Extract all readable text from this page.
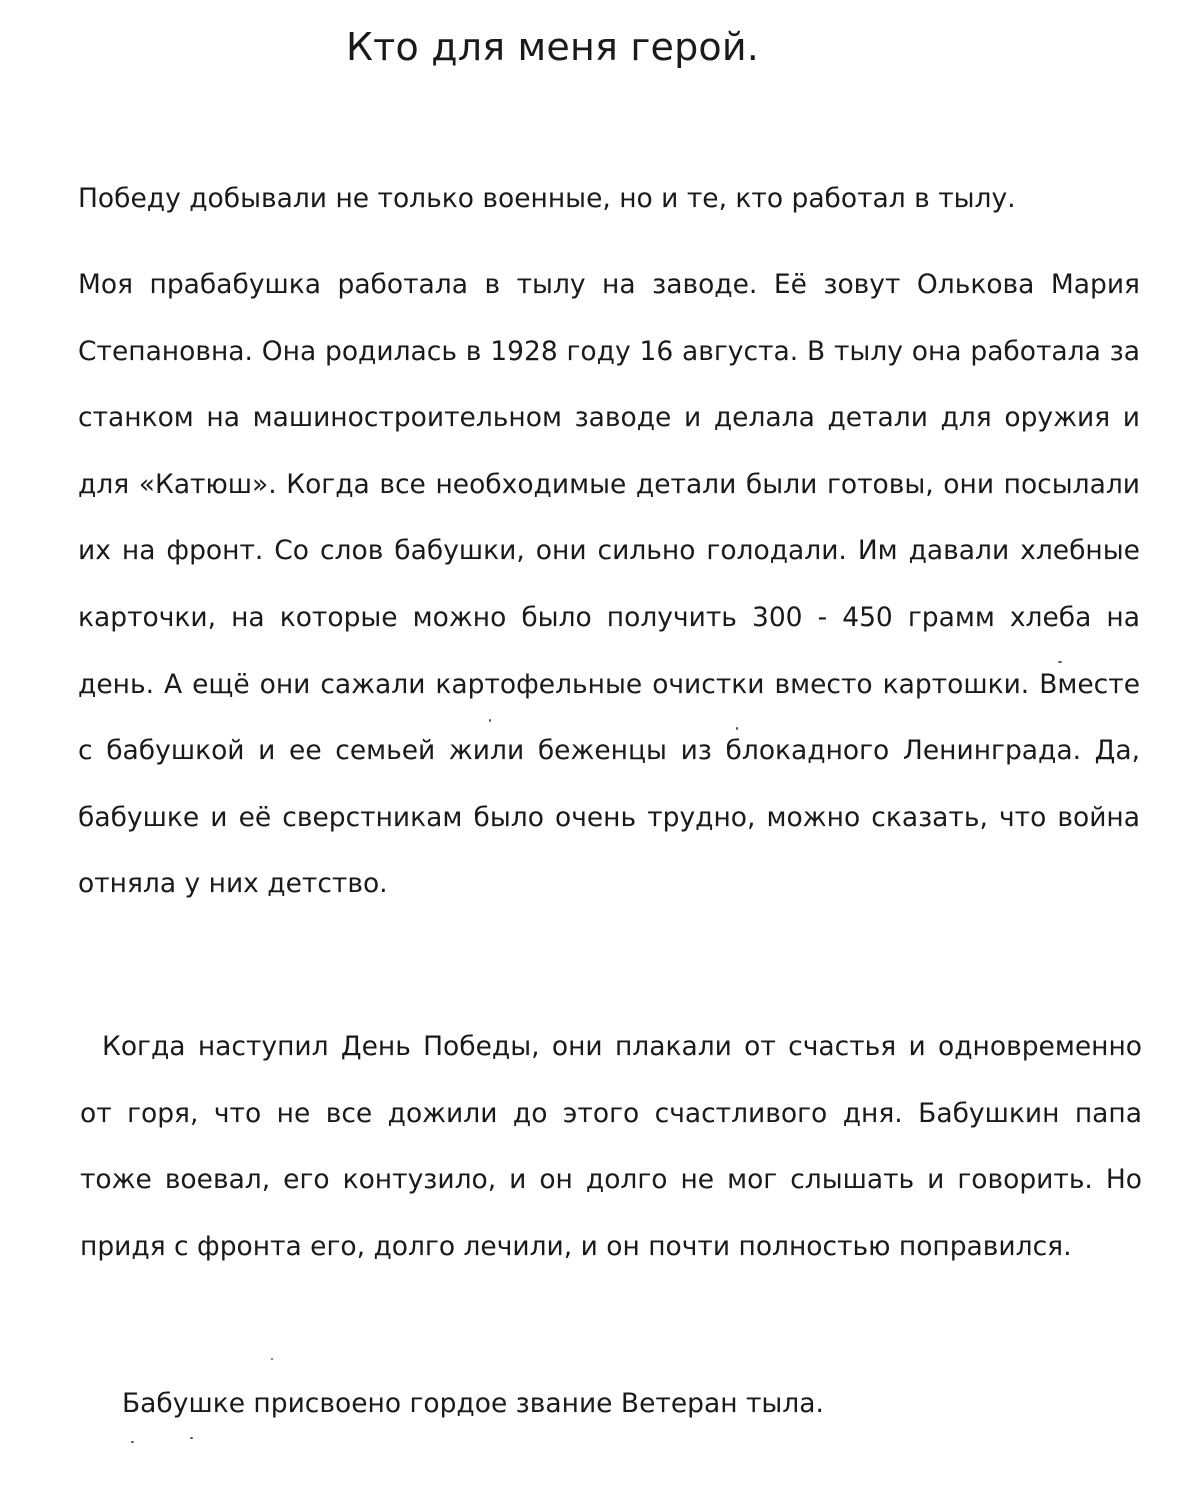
Кто для меня герой.

Победу добывали не только военные, но и те, кто работал в тылу.

Моя прабабушка работала в тылу на заводе. Её зовут Олькова Мария Степановна. Она родилась в 1928 году 16 августа. В тылу она работала за станком на машиностроительном заводе и делала детали для оружия и для «Катюш». Когда все необходимые детали были готовы, они посылали их на фронт. Со слов бабушки, они сильно голодали. Им давали хлебные карточки, на которые можно было получить 300 - 450 грамм хлеба на день. А ещё они сажали картофельные очистки вместо картошки. Вместе с бабушкой и ее семьей жили беженцы из блокадного Ленинграда. Да, бабушке и её сверстникам было очень трудно, можно сказать, что война отняла у них детство.

Когда наступил День Победы, они плакали от счастья и одновременно от горя, что не все дожили до этого счастливого дня. Бабушкин папа тоже воевал, его контузило, и он долго не мог слышать и говорить. Но придя с фронта его, долго лечили, и он почти полностью поправился.

Бабушке присвоено гордое звание Ветеран тыла.
